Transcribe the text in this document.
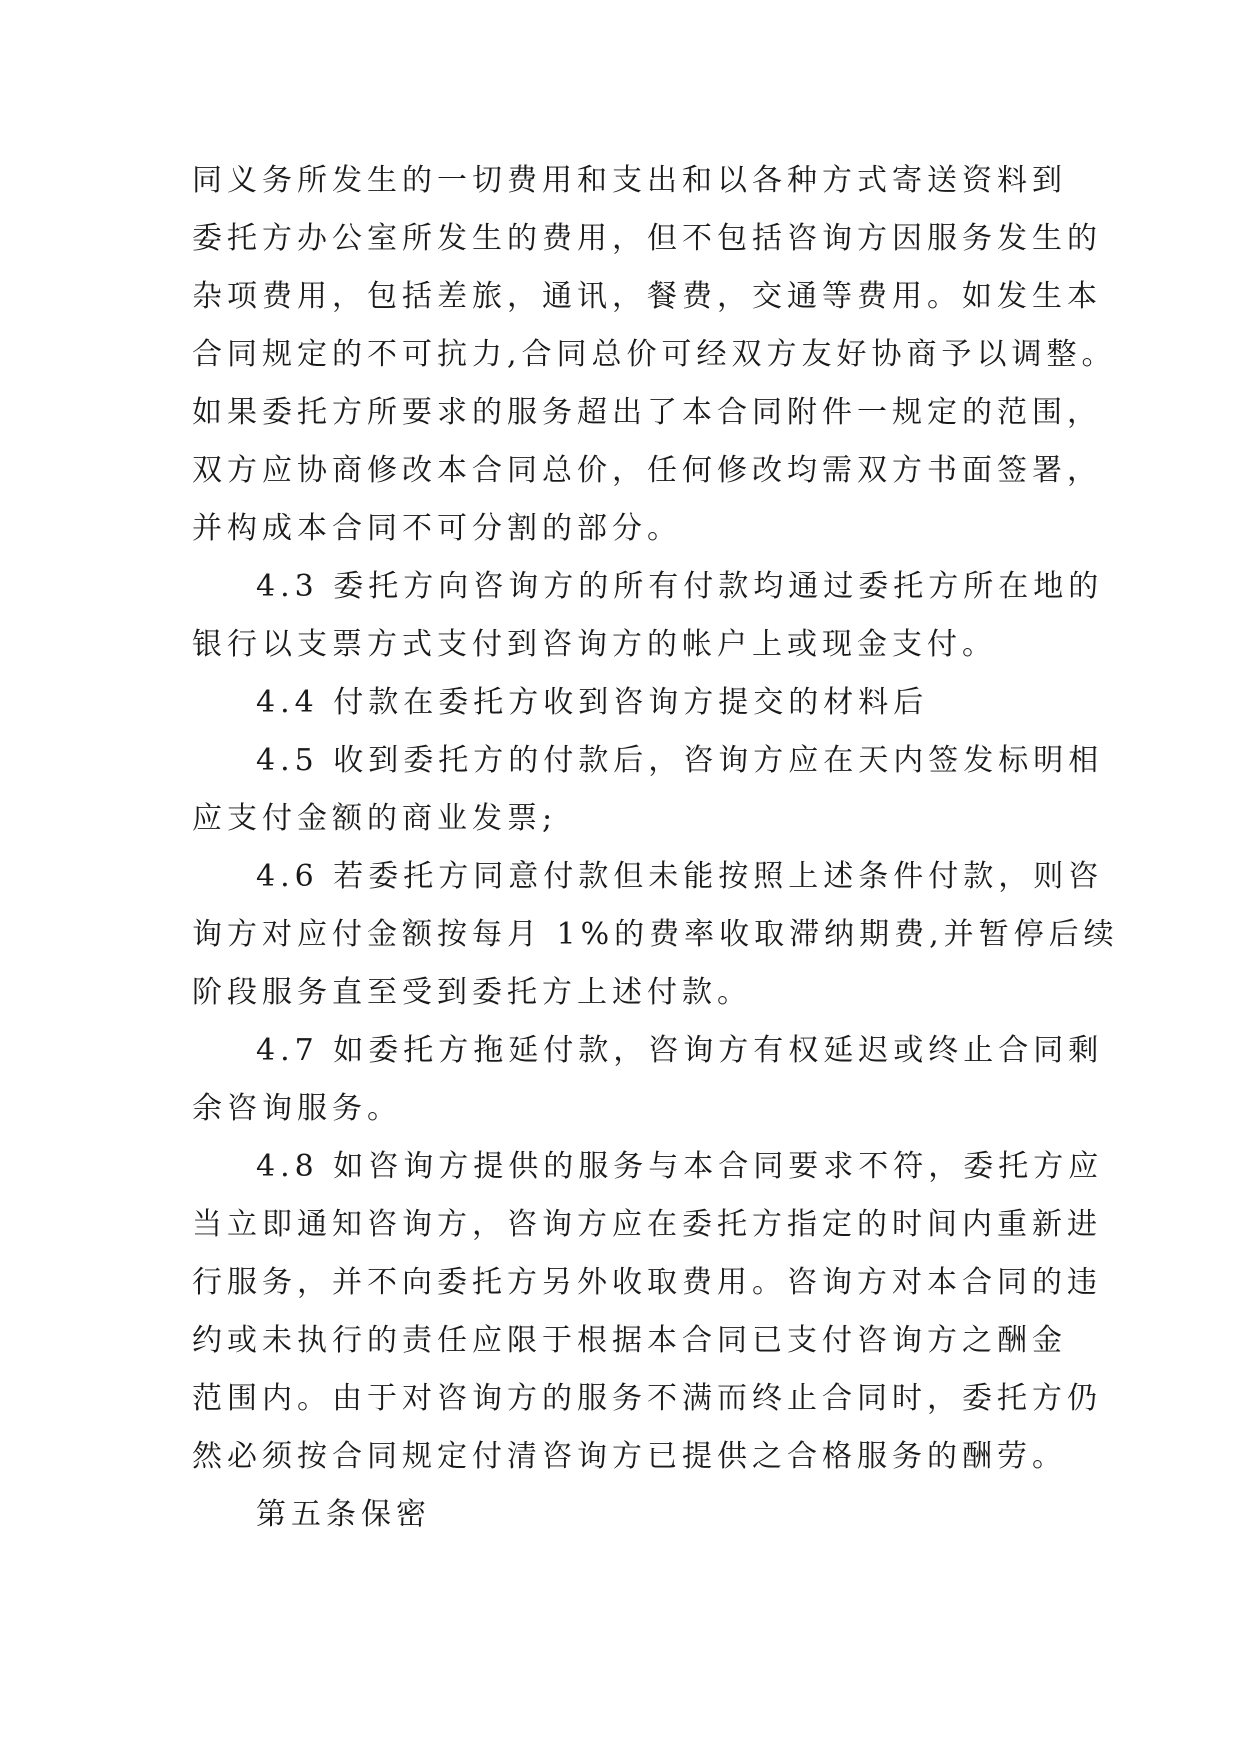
同义务所发生的一切费用和支出和以各种方式寄送资料到
委托方办公室所发生的费用，但不包括咨询方因服务发生的
杂项费用，包括差旅，通讯，餐费，交通等费用。如发生本
合同规定的不可抗力,合同总价可经双方友好协商予以调整。
如果委托方所要求的服务超出了本合同附件一规定的范围，
双方应协商修改本合同总价，任何修改均需双方书面签署，
并构成本合同不可分割的部分。
4.3 委托方向咨询方的所有付款均通过委托方所在地的
银行以支票方式支付到咨询方的帐户上或现金支付。
4.4 付款在委托方收到咨询方提交的材料后
4.5 收到委托方的付款后，咨询方应在天内签发标明相
应支付金额的商业发票;
4.6 若委托方同意付款但未能按照上述条件付款，则咨
询方对应付金额按每月 1%的费率收取滞纳期费,并暂停后续
阶段服务直至受到委托方上述付款。
4.7 如委托方拖延付款，咨询方有权延迟或终止合同剩
余咨询服务。
4.8 如咨询方提供的服务与本合同要求不符，委托方应
当立即通知咨询方，咨询方应在委托方指定的时间内重新进
行服务，并不向委托方另外收取费用。咨询方对本合同的违
约或未执行的责任应限于根据本合同已支付咨询方之酬金
范围内。由于对咨询方的服务不满而终止合同时，委托方仍
然必须按合同规定付清咨询方已提供之合格服务的酬劳。
第五条保密
